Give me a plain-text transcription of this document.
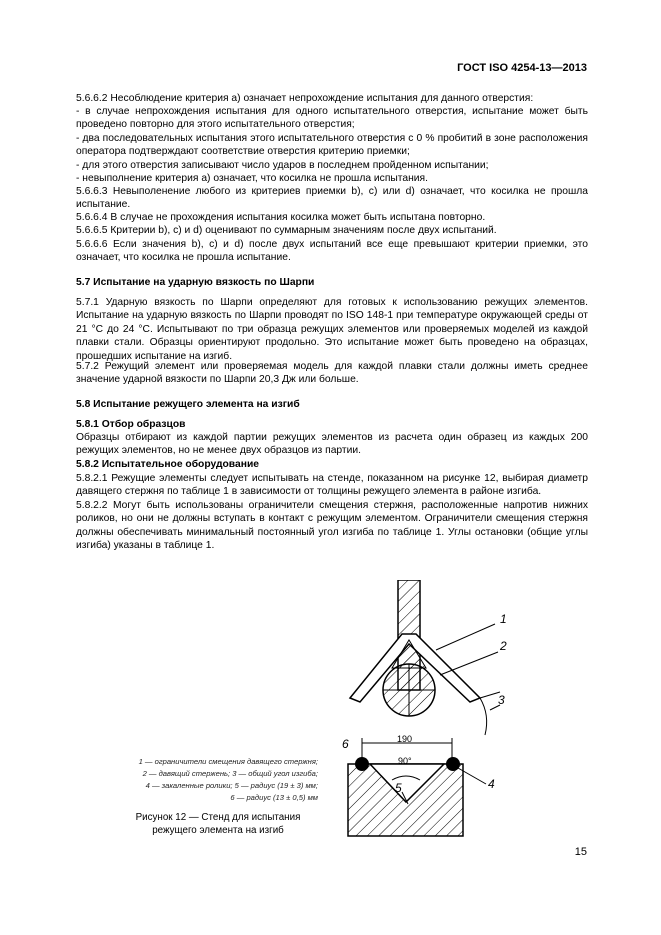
ГОСТ ISO 4254-13—2013

5.6.6.2 Несоблюдение критерия a) означает непрохождение испытания для данного отверстия:

- в случае непрохождения испытания для одного испытательного отверстия, испытание может быть проведено повторно для этого испытательного отверстия;

- два последовательных испытания этого испытательного отверстия с 0 % пробитий в зоне расположения оператора подтверждают соответствие отверстия критерию приемки;

- для этого отверстия записывают число ударов в последнем пройденном испытании;

- невыполнение критерия a) означает, что косилка не прошла испытания.

5.6.6.3 Невыполенение любого из критериев приемки b), c) или d) означает, что косилка не прошла испытание.

5.6.6.4 В случае не прохождения испытания косилка может быть испытана повторно.

5.6.6.5 Критерии b), c) и d) оценивают по суммарным значениям после двух испытаний.

5.6.6.6 Если значения b), c) и d) после двух испытаний все еще превышают критерии приемки, это означает, что косилка не прошла испытание.

5.7 Испытание на ударную вязкость по Шарпи

5.7.1 Ударную вязкость по Шарпи определяют для готовых к использованию режущих элементов. Испытание на ударную вязкость по Шарпи проводят по ISO 148-1 при температуре окружающей среды от 21 °С до 24 °С. Испытывают по три образца режущих элементов или проверяемых моделей из каждой плавки стали. Образцы ориентируют продольно. Это испытание может быть проведено на образцах, прошедших испытание на изгиб.

5.7.2 Режущий элемент или проверяемая модель для каждой плавки стали должны иметь среднее значение ударной вязкости по Шарпи 20,3 Дж или больше.

5.8 Испытание режущего элемента на изгиб

5.8.1 Отбор образцов

Образцы отбирают из каждой партии режущих элементов из расчета один образец из каждых 200 режущих элементов, но не менее двух образцов из партии.

5.8.2 Испытательное оборудование

5.8.2.1 Режущие элементы следует испытывать на стенде, показанном на рисунке 12, выбирая диаметр давящего стержня по таблице 1 в зависимости от толщины режущего элемента в районе изгиба.

5.8.2.2 Могут быть использованы ограничители смещения стержня, расположенные напротив нижних роликов, но они не должны вступать в контакт с режущим элементом. Ограничители смещения стержня должны обеспечивать минимальный постоянный угол изгиба по таблице 1. Углы остановки (общие углы изгиба) указаны в таблице 1.

1
2
3
190
90°
6
5	4
1 — ограничители смещения давящего стержня;
2 — давящий стержень; 3 — общий угол изгиба;
4 — закаленные ролики; 5 — радиус (19 ± 3) мм;
6 — радиус (13 ± 0,5) мм
Рисунок 12 — Стенд для испытания
режущего элемента на изгиб
15
